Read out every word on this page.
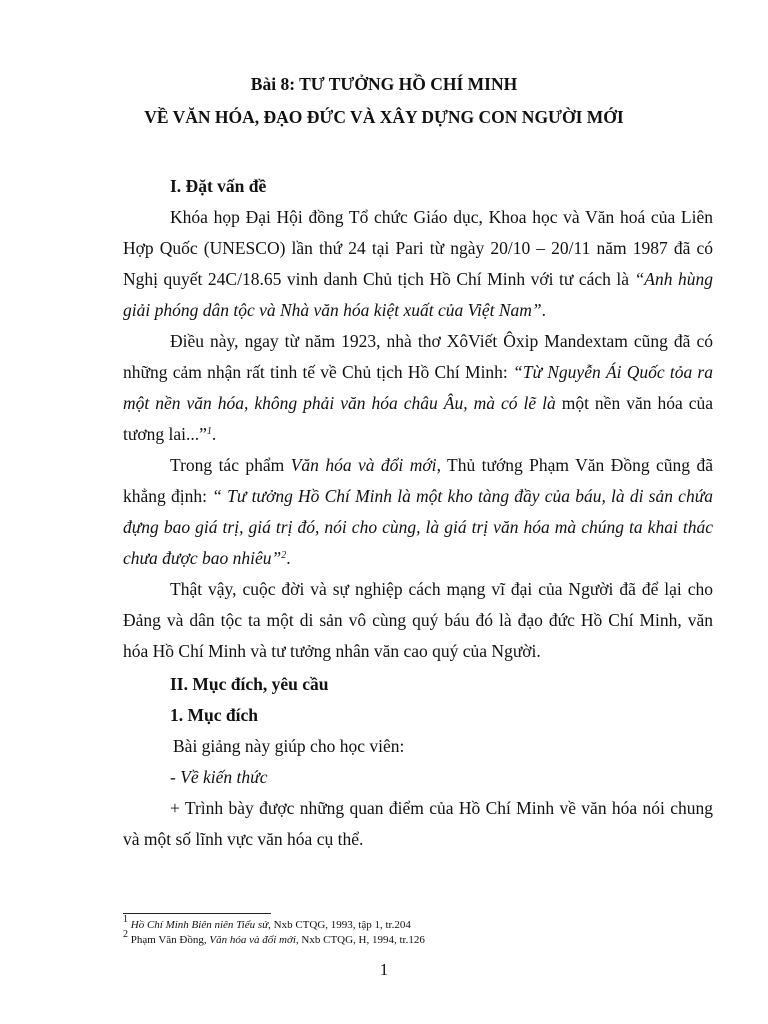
Bài 8: TƯ TƯỞNG HỒ CHÍ MINH
VỀ VĂN HÓA, ĐẠO ĐỨC VÀ XÂY DỰNG CON NGƯỜI MỚI
I. Đặt vấn đề
Khóa họp Đại Hội đồng Tổ chức Giáo dục, Khoa học và Văn hoá của Liên
Hợp Quốc (UNESCO) lần thứ 24 tại Pari từ ngày 20/10 – 20/11 năm 1987 đã có
Nghị quyết 24C/18.65 vinh danh Chủ tịch Hồ Chí Minh với tư cách là “Anh hùng
giải phóng dân tộc và Nhà văn hóa kiệt xuất của Việt Nam”.
Điều này, ngay từ năm 1923, nhà thơ XôViết Ôxip Mandextam cũng đã có
những cảm nhận rất tinh tế về Chủ tịch Hồ Chí Minh: “Từ Nguyễn Ái Quốc tỏa ra
một nền văn hóa, không phải văn hóa châu Âu, mà có lẽ là một nền văn hóa của
tương lai...”$^1$.
Trong tác phẩm Văn hóa và đổi mới, Thủ tướng Phạm Văn Đồng cũng đã
khẳng định: “ Tư tưởng Hồ Chí Minh là một kho tàng đầy của báu, là di sản chứa
đựng bao giá trị, giá trị đó, nói cho cùng, là giá trị văn hóa mà chúng ta khai thác
chưa được bao nhiêu”$^2$.
Thật vậy, cuộc đời và sự nghiệp cách mạng vĩ đại của Người đã để lại cho
Đảng và dân tộc ta một di sản vô cùng quý báu đó là đạo đức Hồ Chí Minh, văn
hóa Hồ Chí Minh và tư tưởng nhân văn cao quý của Người.
II. Mục đích, yêu cầu
1. Mục đích
Bài giảng này giúp cho học viên:
- Về kiến thức
+ Trình bày được những quan điểm của Hồ Chí Minh về văn hóa nói chung
và một số lĩnh vực văn hóa cụ thể.
$^1$ Hồ Chí Minh Biên niên Tiểu sử, Nxb CTQG, 1993, tập 1, tr.204
$^2$ Phạm Văn Đồng, Văn hóa và đổi mới, Nxb CTQG, H, 1994, tr.126
1
